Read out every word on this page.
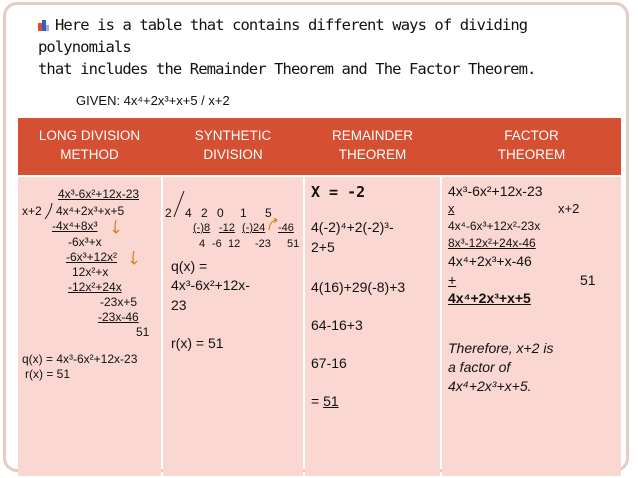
Here is a table that contains different ways of dividing polynomials
that includes the Remainder Theorem and The Factor Theorem.
GIVEN: 4x⁴+2x³+x+5 / x+2
LONG DIVISION
METHOD
SYNTHETIC
DIVISION
REMAINDER
THEOREM
FACTOR
THEOREM
4x³-6x²+12x-23
x+2 4x⁴+2x³+x+5
-4x⁴+8x³
-6x³+x
-6x³+12x²
12x²+x
-12x²+24x
-23x+5
-23x-46
51
q(x) = 4x³-6x²+12x-23
r(x) = 51
2 4 2 0 1 5
(-)8 -12 (-)24 -46
4 -6 12 -23 51
q(x) =
4x³-6x²+12x-
23
r(x) = 51
X = -2
4(-2)⁴+2(-2)³-
2+5
4(16)+29(-8)+3
64-16+3
67-16
= 51
4x³-6x²+12x-23
x	x+2
4x⁴-6x³+12x²-23x
8x³-12x²+24x-46
4x⁴+2x³+x-46
+	51
4x⁴+2x³+x+5
Therefore, x+2 is
a factor of
4x⁴+2x³+x+5.
